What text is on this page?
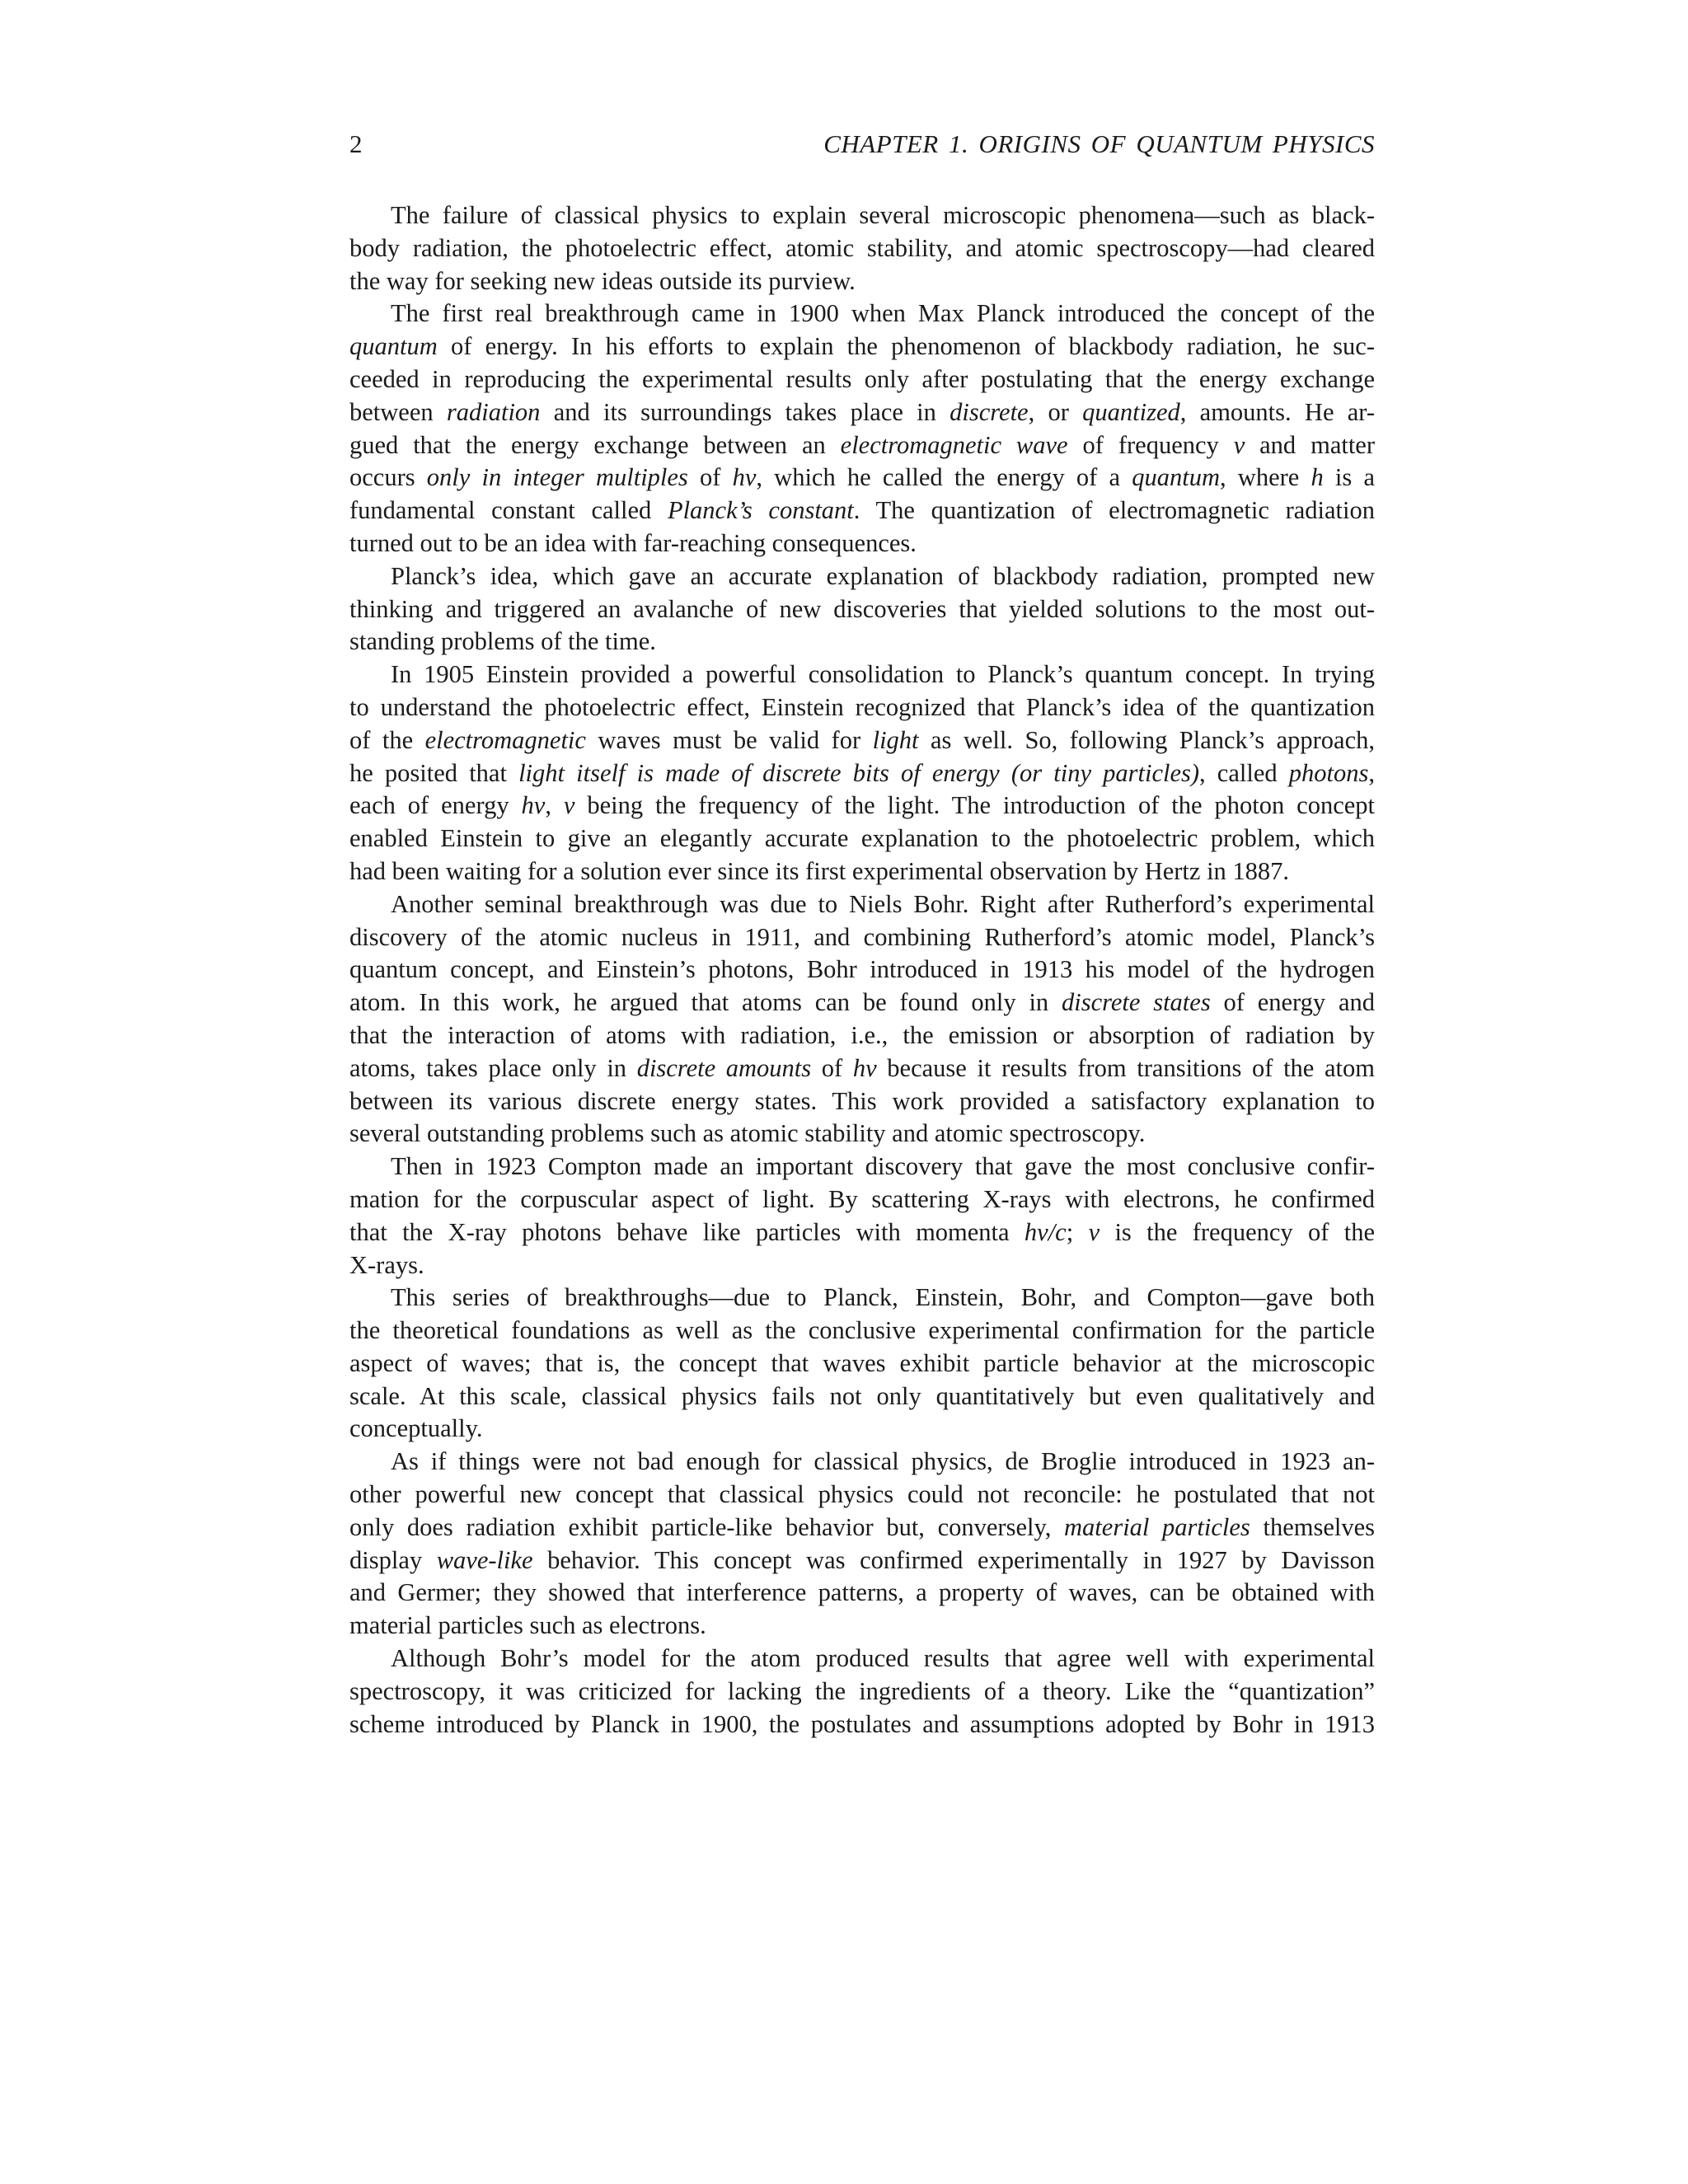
2	CHAPTER 1. ORIGINS OF QUANTUM PHYSICS
The failure of classical physics to explain several microscopic phenomena—such as black-
body radiation, the photoelectric effect, atomic stability, and atomic spectroscopy—had cleared
the way for seeking new ideas outside its purview.
The first real breakthrough came in 1900 when Max Planck introduced the concept of the
quantum of energy. In his efforts to explain the phenomenon of blackbody radiation, he suc-
ceeded in reproducing the experimental results only after postulating that the energy exchange
between radiation and its surroundings takes place in discrete, or quantized, amounts. He ar-
gued that the energy exchange between an electromagnetic wave of frequency ν and matter
occurs only in integer multiples of hν, which he called the energy of a quantum, where h is a
fundamental constant called Planck’s constant. The quantization of electromagnetic radiation
turned out to be an idea with far-reaching consequences.
Planck’s idea, which gave an accurate explanation of blackbody radiation, prompted new
thinking and triggered an avalanche of new discoveries that yielded solutions to the most out-
standing problems of the time.
In 1905 Einstein provided a powerful consolidation to Planck’s quantum concept. In trying
to understand the photoelectric effect, Einstein recognized that Planck’s idea of the quantization
of the electromagnetic waves must be valid for light as well. So, following Planck’s approach,
he posited that light itself is made of discrete bits of energy (or tiny particles), called photons,
each of energy hν, ν being the frequency of the light. The introduction of the photon concept
enabled Einstein to give an elegantly accurate explanation to the photoelectric problem, which
had been waiting for a solution ever since its first experimental observation by Hertz in 1887.
Another seminal breakthrough was due to Niels Bohr. Right after Rutherford’s experimental
discovery of the atomic nucleus in 1911, and combining Rutherford’s atomic model, Planck’s
quantum concept, and Einstein’s photons, Bohr introduced in 1913 his model of the hydrogen
atom. In this work, he argued that atoms can be found only in discrete states of energy and
that the interaction of atoms with radiation, i.e., the emission or absorption of radiation by
atoms, takes place only in discrete amounts of hν because it results from transitions of the atom
between its various discrete energy states. This work provided a satisfactory explanation to
several outstanding problems such as atomic stability and atomic spectroscopy.
Then in 1923 Compton made an important discovery that gave the most conclusive confir-
mation for the corpuscular aspect of light. By scattering X-rays with electrons, he confirmed
that the X-ray photons behave like particles with momenta hν/c; ν is the frequency of the
X-rays.
This series of breakthroughs—due to Planck, Einstein, Bohr, and Compton—gave both
the theoretical foundations as well as the conclusive experimental confirmation for the particle
aspect of waves; that is, the concept that waves exhibit particle behavior at the microscopic
scale. At this scale, classical physics fails not only quantitatively but even qualitatively and
conceptually.
As if things were not bad enough for classical physics, de Broglie introduced in 1923 an-
other powerful new concept that classical physics could not reconcile: he postulated that not
only does radiation exhibit particle-like behavior but, conversely, material particles themselves
display wave-like behavior. This concept was confirmed experimentally in 1927 by Davisson
and Germer; they showed that interference patterns, a property of waves, can be obtained with
material particles such as electrons.
Although Bohr’s model for the atom produced results that agree well with experimental
spectroscopy, it was criticized for lacking the ingredients of a theory. Like the “quantization”
scheme introduced by Planck in 1900, the postulates and assumptions adopted by Bohr in 1913
